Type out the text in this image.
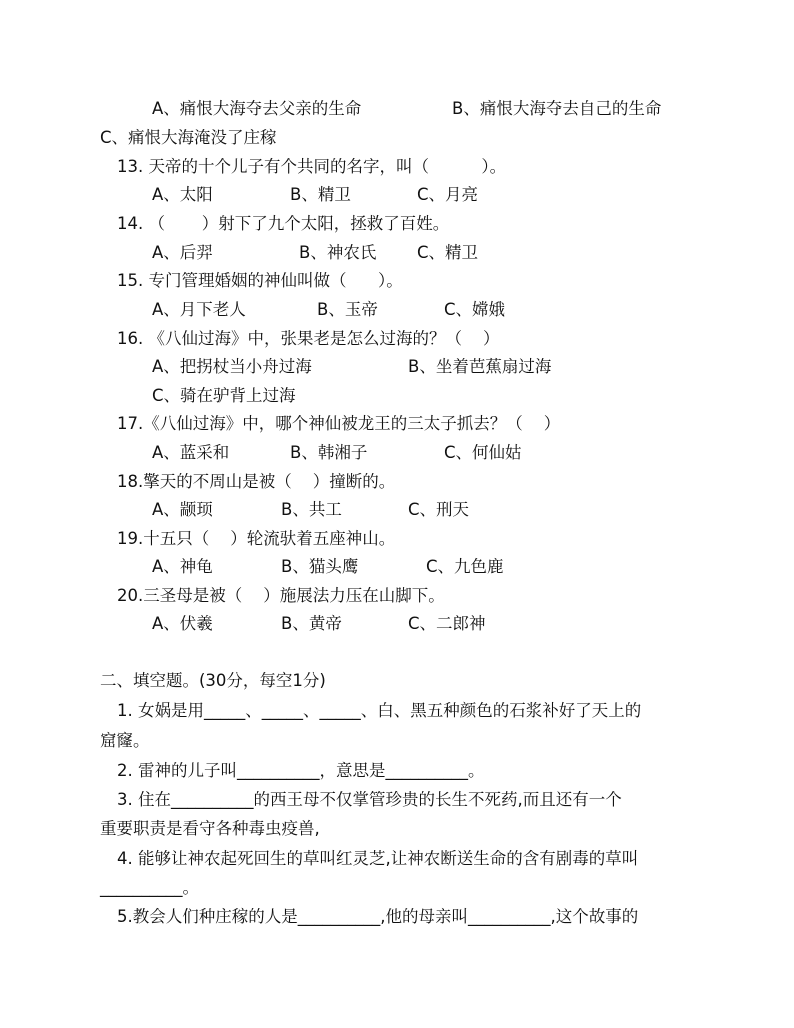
A、痛恨大海夺去父亲的生命	B、痛恨大海夺去自己的生命
C、痛恨大海淹没了庄稼
13. 天帝的十个儿子有个共同的名字，叫（          ）。
A、太阳	B、精卫	C、月亮
14. （       ）射下了九个太阳，拯救了百姓。
A、后羿	B、神农氏 C、精卫
15. 专门管理婚姻的神仙叫做（      ）。
A、月下老人	B、玉帝	C、嫦娥
16. 《八仙过海》中，张果老是怎么过海的？（    ）
A、把拐杖当小舟过海	B、坐着芭蕉扇过海
C、骑在驴背上过海
17.《八仙过海》中，哪个神仙被龙王的三太子抓去？（    ）
A、蓝采和	B、韩湘子	C、何仙姑
18.擎天的不周山是被（    ）撞断的。
A、颛顼	B、共工	C、刑天
19.十五只（    ）轮流驮着五座神山。
A、神龟	B、猫头鹰	C、九色鹿
20.三圣母是被（    ）施展法力压在山脚下。
A、伏羲	B、黄帝	C、二郎神
二、填空题。(30分，每空1分)
1. 女娲是用_____、_____、_____、白、黑五种颜色的石浆补好了天上的
窟窿。
2. 雷神的儿子叫__________，意思是__________。
3. 住在__________的西王母不仅掌管珍贵的长生不死药,而且还有一个
重要职责是看守各种毒虫疫兽,
4. 能够让神农起死回生的草叫红灵芝,让神农断送生命的含有剧毒的草叫
__________。
5.教会人们种庄稼的人是__________,他的母亲叫__________,这个故事的
